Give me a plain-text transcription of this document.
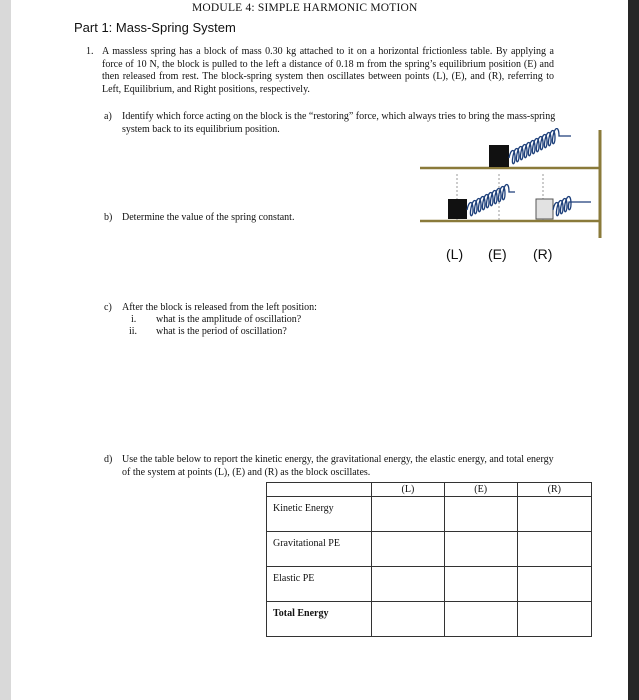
MODULE 4: SIMPLE HARMONIC MOTION
Part 1: Mass-Spring System
1. A massless spring has a block of mass 0.30 kg attached to it on a horizontal frictionless table. By applying a force of 10 N, the block is pulled to the left a distance of 0.18 m from the spring’s equilibrium position (E) and then released from rest. The block-spring system then oscillates between points (L), (E), and (R), referring to Left, Equilibrium, and Right positions, respectively.
a) Identify which force acting on the block is the “restoring” force, which always tries to bring the mass-spring system back to its equilibrium position.
b) Determine the value of the spring constant.
c) After the block is released from the left position:
i. what is the amplitude of oscillation?
ii. what is the period of oscillation?
(L) (E) (R)
d) Use the table below to report the kinetic energy, the gravitational energy, the elastic energy, and total energy of the system at points (L), (E) and (R) as the block oscillates.
	(L)	(E)	(R)
Kinetic Energy			
Gravitational PE			
Elastic PE			
Total Energy			
